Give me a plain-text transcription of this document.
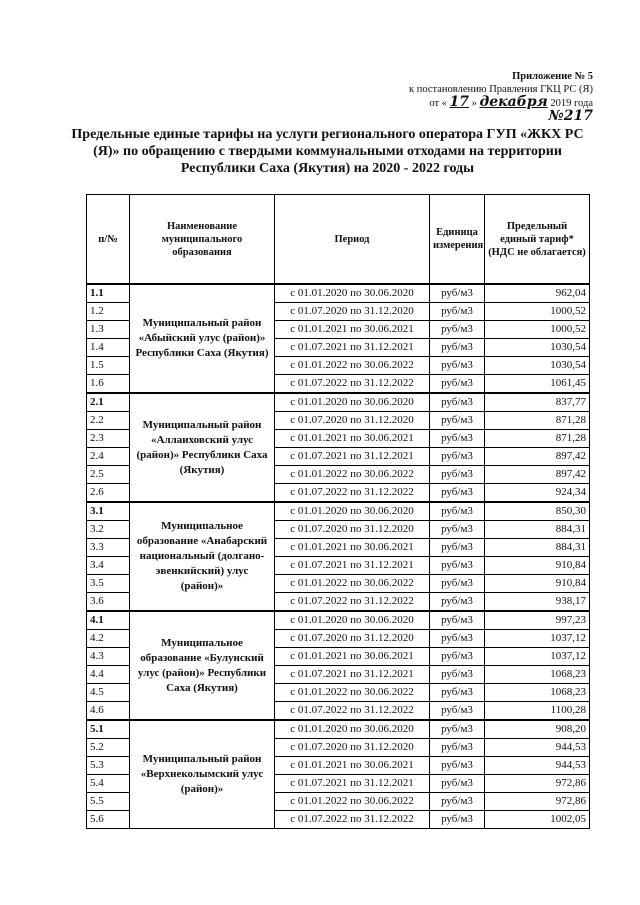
Приложение № 5
к постановлению Правления ГКЦ РС (Я)
от « 17 » декабря 2019 года
№217
Предельные единые тарифы на услуги регионального оператора ГУП «ЖКХ РС (Я)» по обращению с твердыми коммунальными отходами на территории Республики Саха (Якутия) на 2020 - 2022 годы
п/№	Наименование муниципального образования	Период	Единица измерения	Предельный единый тариф* (НДС не облагается)
1.1	Муниципальный район «Абыйский улус (район)» Республики Саха (Якутия)	с 01.01.2020 по 30.06.2020	руб/м3	962,04
1.2		с 01.07.2020 по 31.12.2020	руб/м3	1000,52
1.3		с 01.01.2021 по 30.06.2021	руб/м3	1000,52
1.4		с 01.07.2021 по 31.12.2021	руб/м3	1030,54
1.5		с 01.01.2022 по 30.06.2022	руб/м3	1030,54
1.6		с 01.07.2022 по 31.12.2022	руб/м3	1061,45
2.1	Муниципальный район «Аллаиховский улус (район)» Республики Саха (Якутия)	с 01.01.2020 по 30.06.2020	руб/м3	837,77
2.2		с 01.07.2020 по 31.12.2020	руб/м3	871,28
2.3		с 01.01.2021 по 30.06.2021	руб/м3	871,28
2.4		с 01.07.2021 по 31.12.2021	руб/м3	897,42
2.5		с 01.01.2022 по 30.06.2022	руб/м3	897,42
2.6		с 01.07.2022 по 31.12.2022	руб/м3	924,34
3.1	Муниципальное образование «Анабарский национальный (долгано-эвенкийский) улус (район)»	с 01.01.2020 по 30.06.2020	руб/м3	850,30
3.2		с 01.07.2020 по 31.12.2020	руб/м3	884,31
3.3		с 01.01.2021 по 30.06.2021	руб/м3	884,31
3.4		с 01.07.2021 по 31.12.2021	руб/м3	910,84
3.5		с 01.01.2022 по 30.06.2022	руб/м3	910,84
3.6		с 01.07.2022 по 31.12.2022	руб/м3	938,17
4.1	Муниципальное образование «Булунский улус (район)» Республики Саха (Якутия)	с 01.01.2020 по 30.06.2020	руб/м3	997,23
4.2		с 01.07.2020 по 31.12.2020	руб/м3	1037,12
4.3		с 01.01.2021 по 30.06.2021	руб/м3	1037,12
4.4		с 01.07.2021 по 31.12.2021	руб/м3	1068,23
4.5		с 01.01.2022 по 30.06.2022	руб/м3	1068,23
4.6		с 01.07.2022 по 31.12.2022	руб/м3	1100,28
5.1	Муниципальный район «Верхнеколымский улус (район)»	с 01.01.2020 по 30.06.2020	руб/м3	908,20
5.2		с 01.07.2020 по 31.12.2020	руб/м3	944,53
5.3		с 01.01.2021 по 30.06.2021	руб/м3	944,53
5.4		с 01.07.2021 по 31.12.2021	руб/м3	972,86
5.5		с 01.01.2022 по 30.06.2022	руб/м3	972,86
5.6		с 01.07.2022 по 31.12.2022	руб/м3	1002,05
